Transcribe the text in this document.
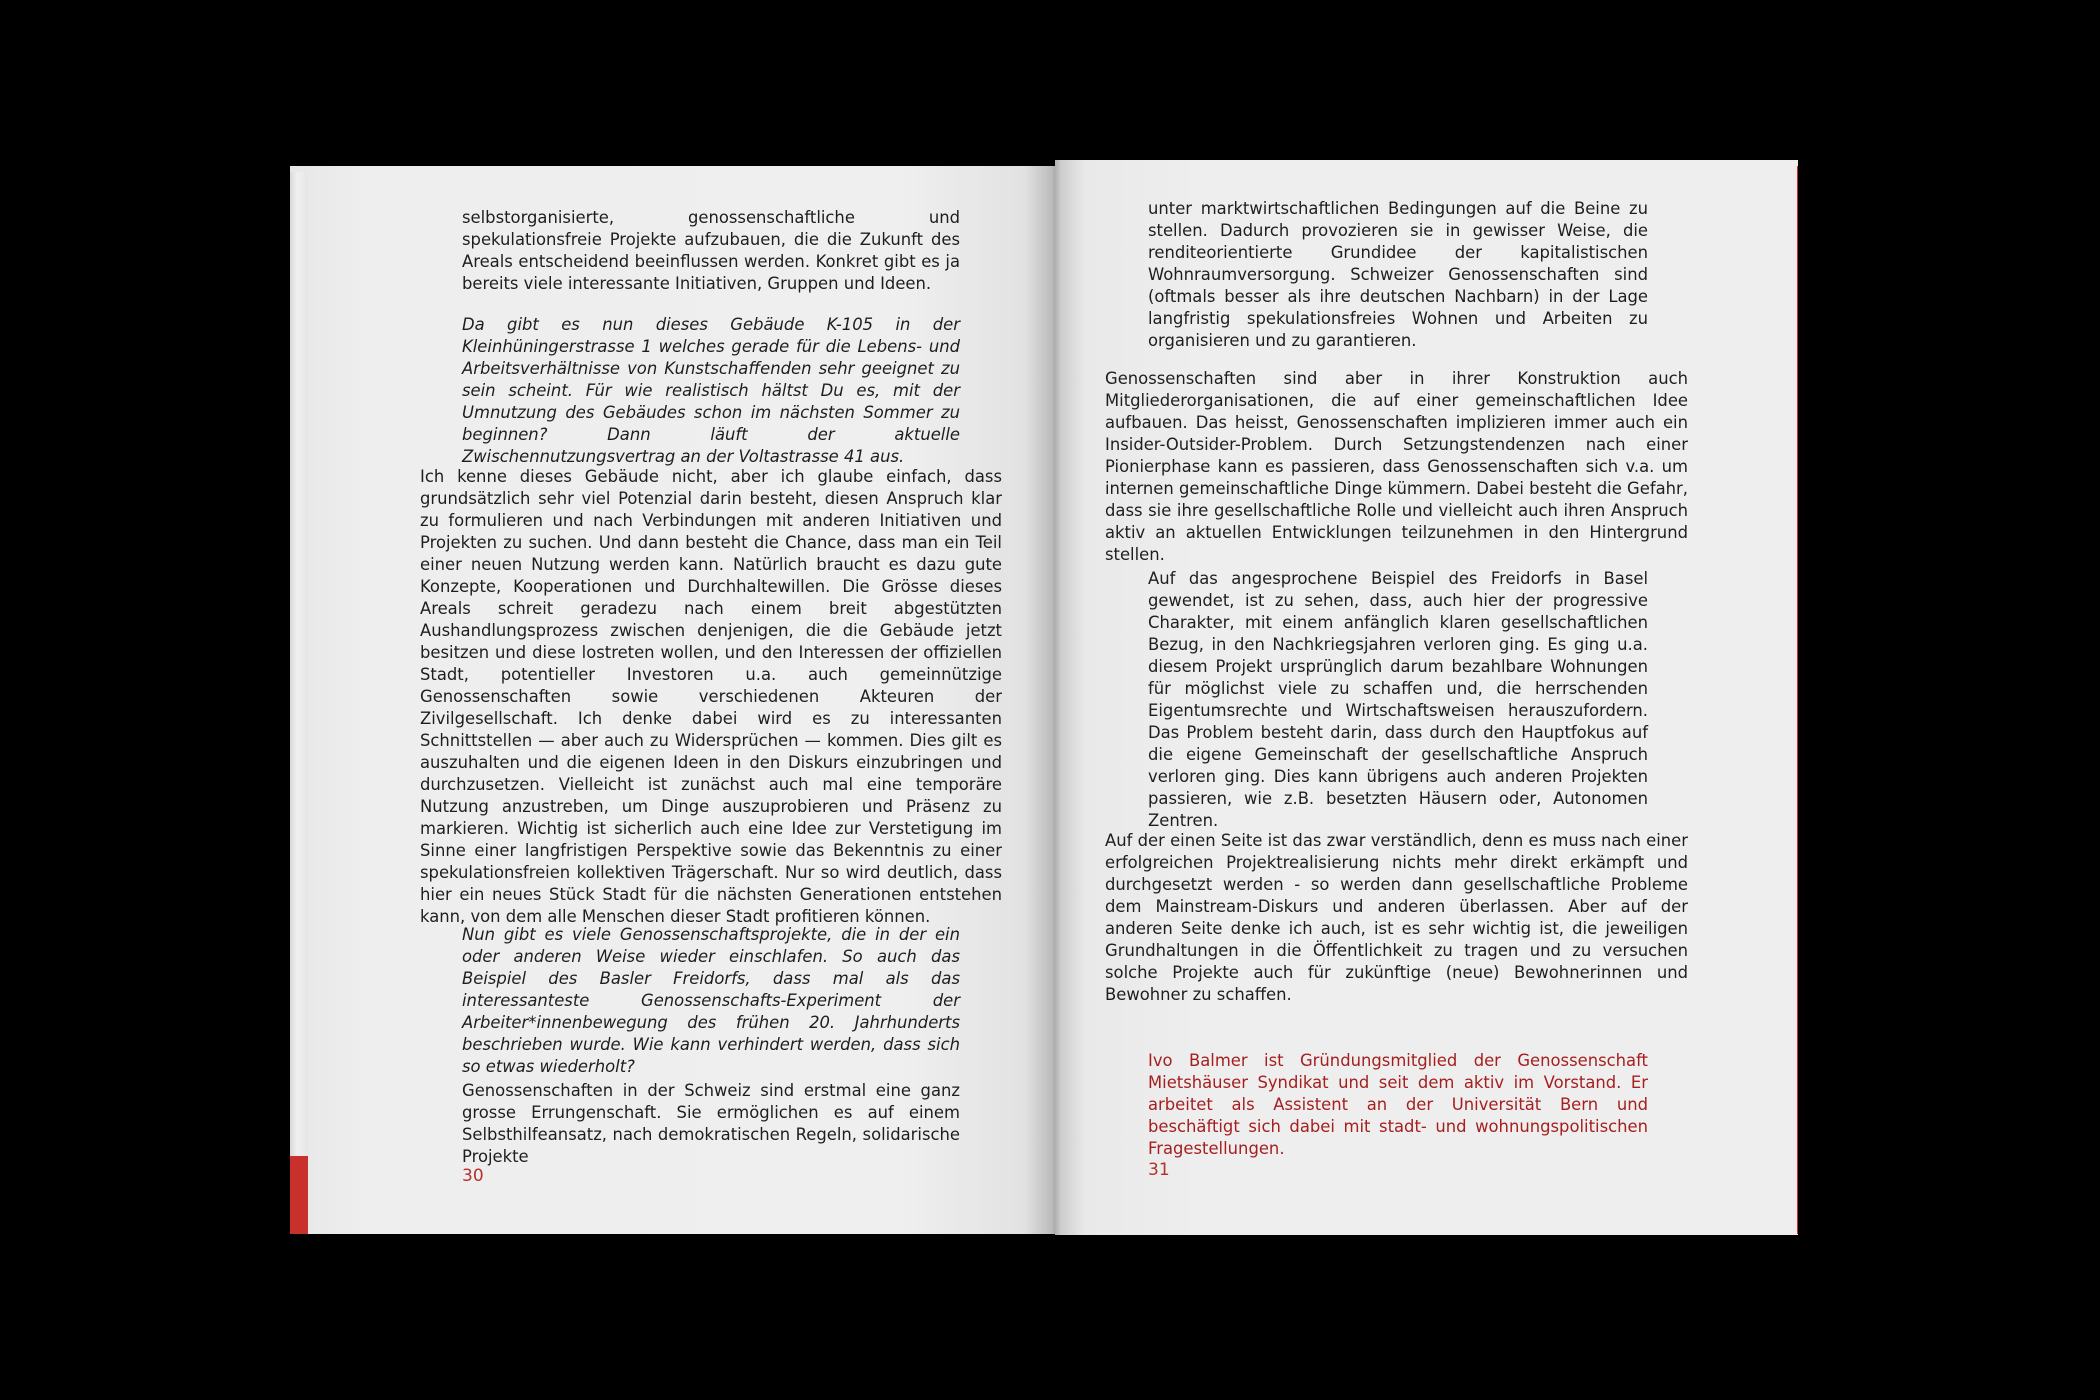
selbstorganisierte, genossenschaftliche und spekulationsfreie Projekte aufzubauen, die die Zukunft des Areals entscheidend beeinflussen werden. Konkret gibt es ja bereits viele interessante Initiativen, Gruppen und Ideen.

Da gibt es nun dieses Gebäude K-105 in der Kleinhüningerstrasse 1 welches gerade für die Lebens- und Arbeitsverhältnisse von Kunstschaffenden sehr geeignet zu sein scheint. Für wie realistisch hältst Du es, mit der Umnutzung des Gebäudes schon im nächsten Sommer zu beginnen? Dann läuft der aktuelle Zwischennutzungsvertrag an der Voltastrasse 41 aus.

Ich kenne dieses Gebäude nicht, aber ich glaube einfach, dass grundsätzlich sehr viel Potenzial darin besteht, diesen Anspruch klar zu formulieren und nach Verbindungen mit anderen Initiativen und Projekten zu suchen. Und dann besteht die Chance, dass man ein Teil einer neuen Nutzung werden kann. Natürlich braucht es dazu gute Konzepte, Kooperationen und Durchhaltewillen. Die Grösse dieses Areals schreit geradezu nach einem breit abgestützten Aushandlungsprozess zwischen denjenigen, die die Gebäude jetzt besitzen und diese lostreten wollen, und den Interessen der offiziellen Stadt, potentieller Investoren u.a. auch gemeinnützige Genossenschaften sowie verschiedenen Akteuren der Zivilgesellschaft. Ich denke dabei wird es zu interessanten Schnittstellen — aber auch zu Widersprüchen — kommen. Dies gilt es auszuhalten und die eigenen Ideen in den Diskurs einzubringen und durchzusetzen. Vielleicht ist zunächst auch mal eine temporäre Nutzung anzustreben, um Dinge auszuprobieren und Präsenz zu markieren. Wichtig ist sicherlich auch eine Idee zur Verstetigung im Sinne einer langfristigen Perspektive sowie das Bekenntnis zu einer spekulationsfreien kollektiven Trägerschaft. Nur so wird deutlich, dass hier ein neues Stück Stadt für die nächsten Generationen entstehen kann, von dem alle Menschen dieser Stadt profitieren können.

Nun gibt es viele Genossenschaftsprojekte, die in der ein oder anderen Weise wieder einschlafen. So auch das Beispiel des Basler Freidorfs, dass mal als das interessanteste Genossenschafts-Experiment der Arbeiter*innenbewegung des frühen 20. Jahrhunderts beschrieben wurde. Wie kann verhindert werden, dass sich so etwas wiederholt?

Genossenschaften in der Schweiz sind erstmal eine ganz grosse Errungenschaft. Sie ermöglichen es auf einem Selbsthilfeansatz, nach demokratischen Regeln, solidarische Projekte

30

unter marktwirtschaftlichen Bedingungen auf die Beine zu stellen. Dadurch provozieren sie in gewisser Weise, die renditeorientierte Grundidee der kapitalistischen Wohnraumversorgung. Schweizer Genossenschaften sind (oftmals besser als ihre deutschen Nachbarn) in der Lage langfristig spekulationsfreies Wohnen und Arbeiten zu organisieren und zu garantieren.

Genossenschaften sind aber in ihrer Konstruktion auch Mitgliederorganisationen, die auf einer gemeinschaftlichen Idee aufbauen. Das heisst, Genossenschaften implizieren immer auch ein Insider-Outsider-Problem. Durch Setzungstendenzen nach einer Pionierphase kann es passieren, dass Genossenschaften sich v.a. um internen gemeinschaftliche Dinge kümmern. Dabei besteht die Gefahr, dass sie ihre gesellschaftliche Rolle und vielleicht auch ihren Anspruch aktiv an aktuellen Entwicklungen teilzunehmen in den Hintergrund stellen.

Auf das angesprochene Beispiel des Freidorfs in Basel gewendet, ist zu sehen, dass, auch hier der progressive Charakter, mit einem anfänglich klaren gesellschaftlichen Bezug, in den Nachkriegsjahren verloren ging. Es ging u.a. diesem Projekt ursprünglich darum bezahlbare Wohnungen für möglichst viele zu schaffen und, die herrschenden Eigentumsrechte und Wirtschaftsweisen herauszufordern. Das Problem besteht darin, dass durch den Hauptfokus auf die eigene Gemeinschaft der gesellschaftliche Anspruch verloren ging. Dies kann übrigens auch anderen Projekten passieren, wie z.B. besetzten Häusern oder, Autonomen Zentren.

Auf der einen Seite ist das zwar verständlich, denn es muss nach einer erfolgreichen Projektrealisierung nichts mehr direkt erkämpft und durchgesetzt werden - so werden dann gesellschaftliche Probleme dem Mainstream-Diskurs und anderen überlassen. Aber auf der anderen Seite denke ich auch, ist es sehr wichtig ist, die jeweiligen Grundhaltungen in die Öffentlichkeit zu tragen und zu versuchen solche Projekte auch für zukünftige (neue) Bewohnerinnen und Bewohner zu schaffen.

Ivo Balmer ist Gründungsmitglied der Genossenschaft Mietshäuser Syndikat und seit dem aktiv im Vorstand. Er arbeitet als Assistent an der Universität Bern und beschäftigt sich dabei mit stadt- und wohnungspolitischen Fragestellungen.

31
